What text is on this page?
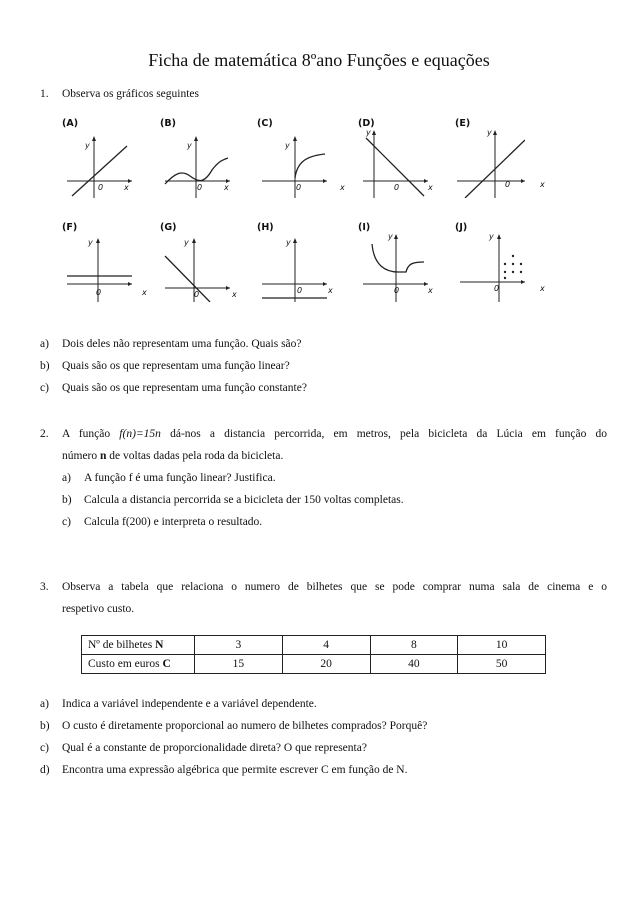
Ficha de matemática 8ºano Funções e equações
1. Observa os gráficos seguintes
(A)	(B)	(C)	(D)	(E)
(F)	(G)	(H)	(I)	(J)
y
0	x
y
0	x
y
0	x
y
0	x
y
0	x
y
0	x
y
0	x
y
0	x
y
0	x
y
0	x
a) Dois deles não representam uma função. Quais são?
b) Quais são os que representam uma função linear?
c) Quais são os que representam uma função constante?
2. A função f(n)=15n dá-nos a distancia percorrida, em metros, pela bicicleta da Lúcia em função do
número n de voltas dadas pela roda da bicicleta.
a) A função f é uma função linear? Justifica.
b) Calcula a distancia percorrida se a bicicleta der 150 voltas completas.
c) Calcula f(200) e interpreta o resultado.
3. Observa a tabela que relaciona o numero de bilhetes que se pode comprar numa sala de cinema e o
respetivo custo.
Nº de bilhetes N	3	4	8	10
Custo em euros C	15	20	40	50
a) Indica a variável independente e a variável dependente.
b) O custo é diretamente proporcional ao numero de bilhetes comprados? Porquê?
c) Qual é a constante de proporcionalidade direta? O que representa?
d) Encontra uma expressão algébrica que permite escrever C em função de N.
